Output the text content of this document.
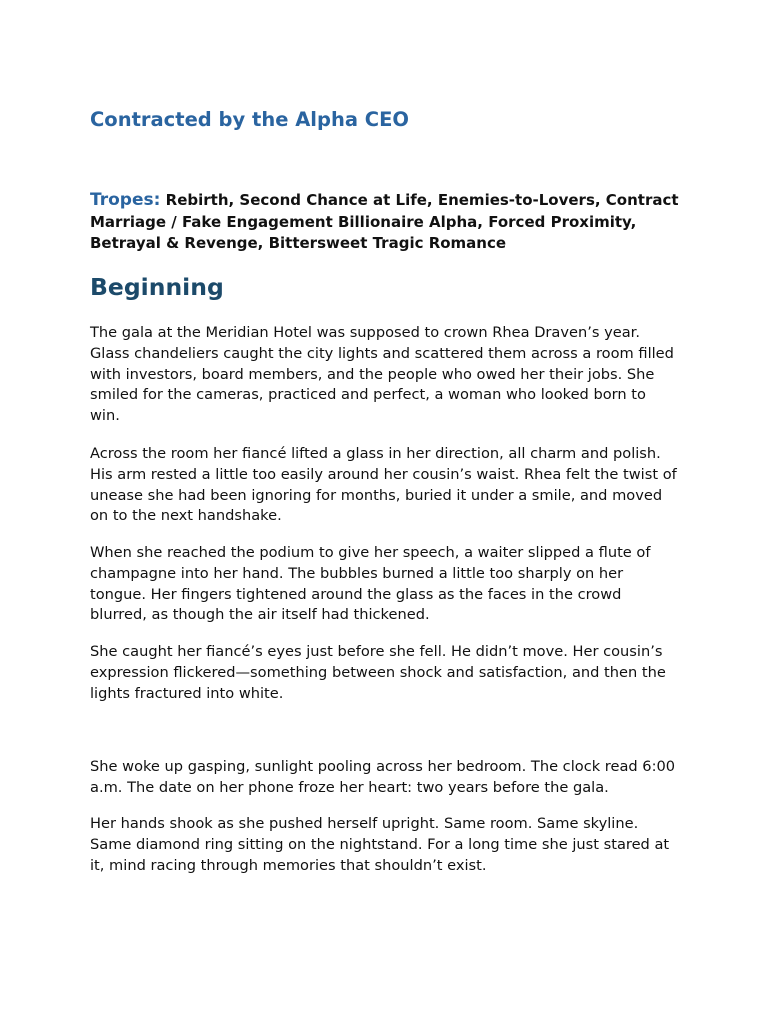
Contracted by the Alpha CEO

Tropes: Rebirth, Second Chance at Life, Enemies-to-Lovers, Contract Marriage / Fake Engagement Billionaire Alpha, Forced Proximity, Betrayal & Revenge, Bittersweet Tragic Romance

Beginning

The gala at the Meridian Hotel was supposed to crown Rhea Draven’s year. Glass chandeliers caught the city lights and scattered them across a room filled with investors, board members, and the people who owed her their jobs. She smiled for the cameras, practiced and perfect, a woman who looked born to win.

Across the room her fiancé lifted a glass in her direction, all charm and polish. His arm rested a little too easily around her cousin’s waist. Rhea felt the twist of unease she had been ignoring for months, buried it under a smile, and moved on to the next handshake.

When she reached the podium to give her speech, a waiter slipped a flute of champagne into her hand. The bubbles burned a little too sharply on her tongue. Her fingers tightened around the glass as the faces in the crowd blurred, as though the air itself had thickened.

She caught her fiancé’s eyes just before she fell. He didn’t move. Her cousin’s expression flickered—something between shock and satisfaction, and then the lights fractured into white.

She woke up gasping, sunlight pooling across her bedroom. The clock read 6:00 a.m. The date on her phone froze her heart: two years before the gala.

Her hands shook as she pushed herself upright. Same room. Same skyline. Same diamond ring sitting on the nightstand. For a long time she just stared at it, mind racing through memories that shouldn’t exist.
